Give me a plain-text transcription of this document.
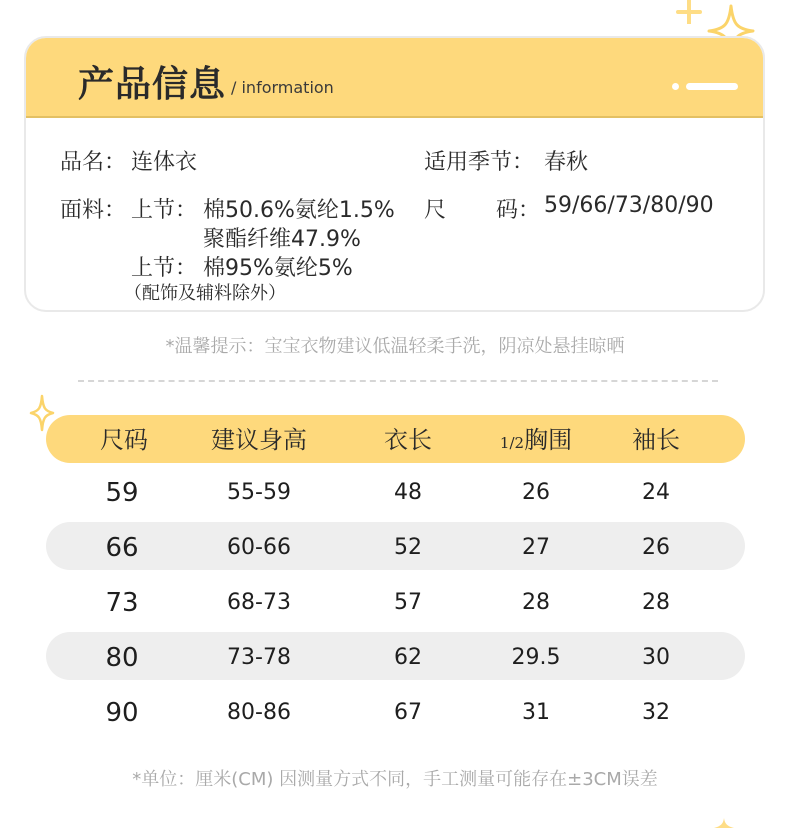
产品信息 / information
品名： 连体衣	适用季节： 春秋
面料： 上节： 棉50.6%氨纶1.5%
聚酯纤维47.9%
上节： 棉95%氨纶5%
（配饰及辅料除外）
尺 码： 59/66/73/80/90
*温馨提示：宝宝衣物建议低温轻柔手洗，阴凉处悬挂晾晒
尺码	建议身高	衣长	1/2胸围 袖长
59	55-59	48	26	24
66	60-66	52	27	26
73	68-73	57	28	28
80	73-78	62	29.5	30
90	80-86	67	31	32
*单位：厘米(CM) 因测量方式不同，手工测量可能存在±3CM误差
